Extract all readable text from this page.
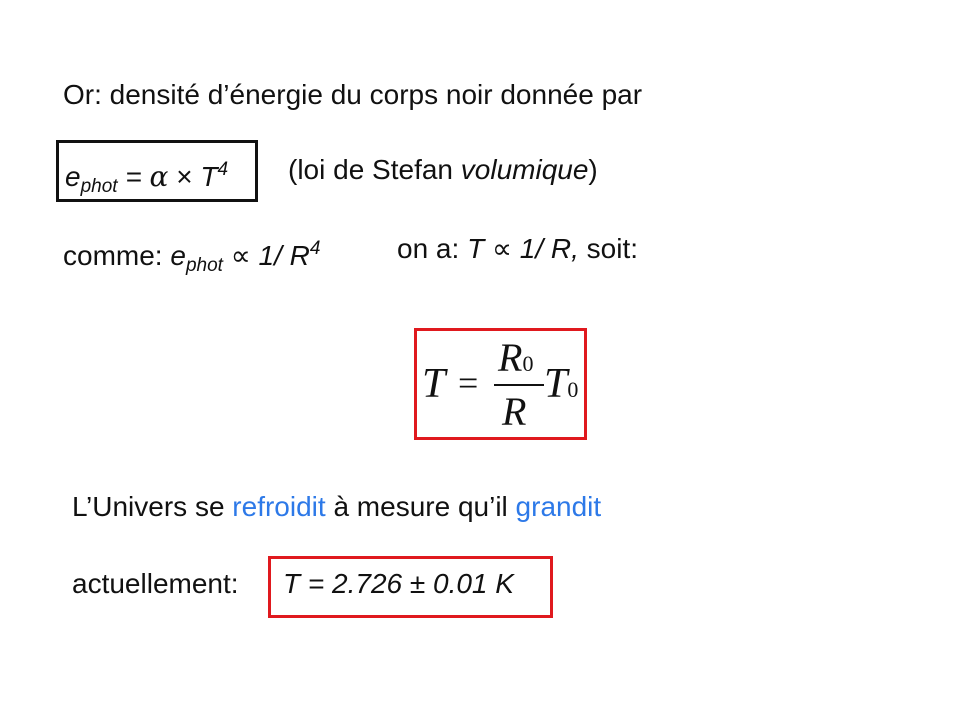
Or: densité d’énergie du corps noir donnée par
$e_{phot} = \alpha \times T^4$ (loi de Stefan volumique)
comme: $e_{phot} \propto 1/$ $R^4$	on a: T ∝ 1/ R, soit:
T =
R0
R
T0
L’Univers se refroidit à mesure qu’il grandit
actuellement: T = 2.726 ± 0.01 K
